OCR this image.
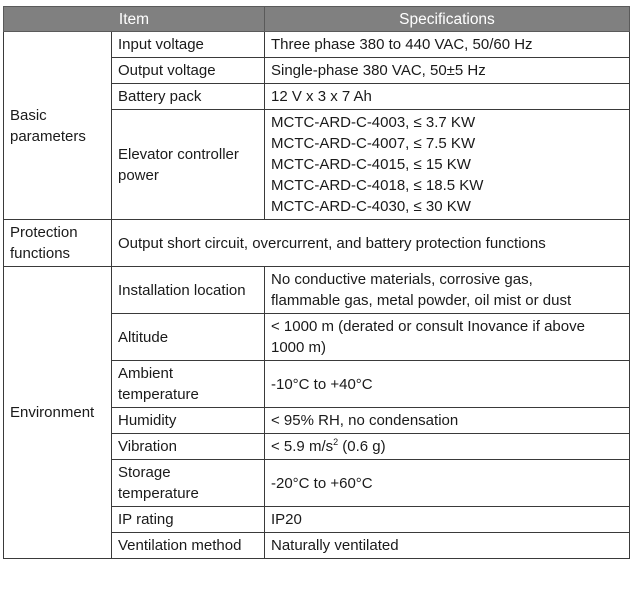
Item		Specifications
Basic
parameters	Input voltage	Three phase 380 to 440 VAC, 50/60 Hz
	Output voltage	Single-phase 380 VAC, 50±5 Hz
	Battery pack	12 V x 3 x 7 Ah
	Elevator controller
power	MCTC-ARD-C-4003, ≤ 3.7 KW
MCTC-ARD-C-4007, ≤ 7.5 KW
MCTC-ARD-C-4015, ≤ 15 KW
MCTC-ARD-C-4018, ≤ 18.5 KW
MCTC-ARD-C-4030, ≤ 30 KW
Protection
functions	Output short circuit, overcurrent, and battery protection functions	
Environment	Installation location	No conductive materials, corrosive gas,
flammable gas, metal powder, oil mist or dust
	Altitude	< 1000 m (derated or consult Inovance if above
1000 m)
	Ambient
temperature	-10°C to +40°C
	Humidity	< 95% RH, no condensation
	Vibration	< 5.9 $m/s^2$ (0.6 g)
	Storage
temperature	-20°C to +60°C
	IP rating	IP20
	Ventilation method	Naturally ventilated
